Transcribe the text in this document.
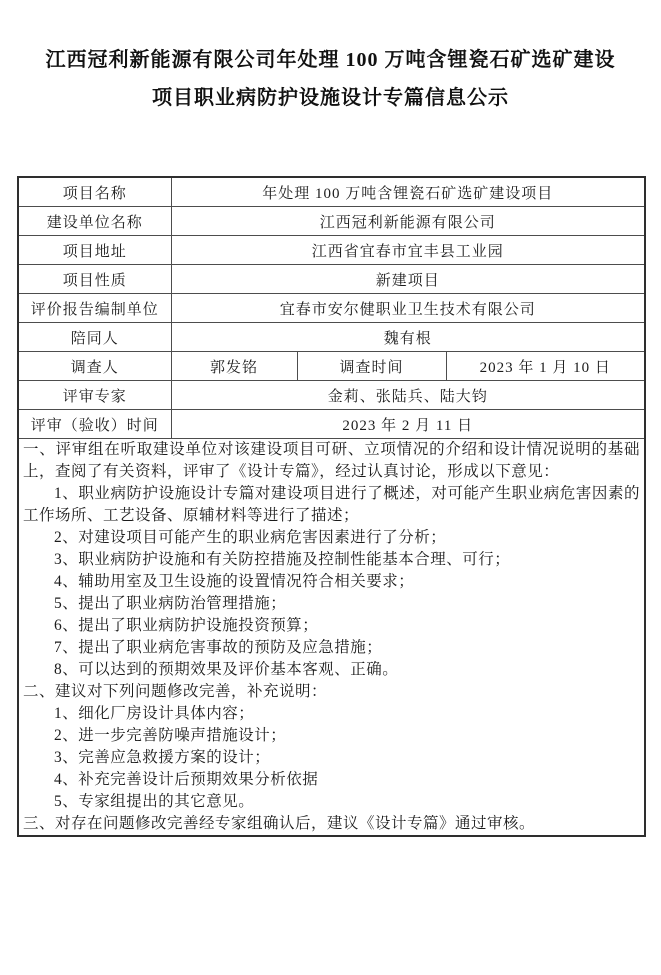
江西冠利新能源有限公司年处理 100 万吨含锂瓷石矿选矿建设
项目职业病防护设施设计专篇信息公示
项目名称	年处理 100 万吨含锂瓷石矿选矿建设项目		
建设单位名称	江西冠利新能源有限公司		
项目地址	江西省宜春市宜丰县工业园		
项目性质	新建项目		
评价报告编制单位	宜春市安尔健职业卫生技术有限公司		
陪同人	魏有根		
调查人	郭发铭	调查时间	2023 年 1 月 10 日
评审专家	金莉、张陆兵、陆大钧		
评审（验收）时间	2023 年 2 月 11 日		

一、评审组在听取建设单位对该建设项目可研、立项情况的介绍和设计情况说明的基础上，查阅了有关资料，评审了《设计专篇》，经过认真讨论，形成以下意见：

1、职业病防护设施设计专篇对建设项目进行了概述，对可能产生职业病危害因素的工作场所、工艺设备、原辅材料等进行了描述；

2、对建设项目可能产生的职业病危害因素进行了分析；

3、职业病防护设施和有关防控措施及控制性能基本合理、可行；

4、辅助用室及卫生设施的设置情况符合相关要求；

5、提出了职业病防治管理措施；

6、提出了职业病防护设施投资预算；

7、提出了职业病危害事故的预防及应急措施；

8、可以达到的预期效果及评价基本客观、正确。

二、建议对下列问题修改完善，补充说明：

1、细化厂房设计具体内容；

2、进一步完善防噪声措施设计；

3、完善应急救援方案的设计；

4、补充完善设计后预期效果分析依据

5、专家组提出的其它意见。

三、对存在问题修改完善经专家组确认后，建议《设计专篇》通过审核。
